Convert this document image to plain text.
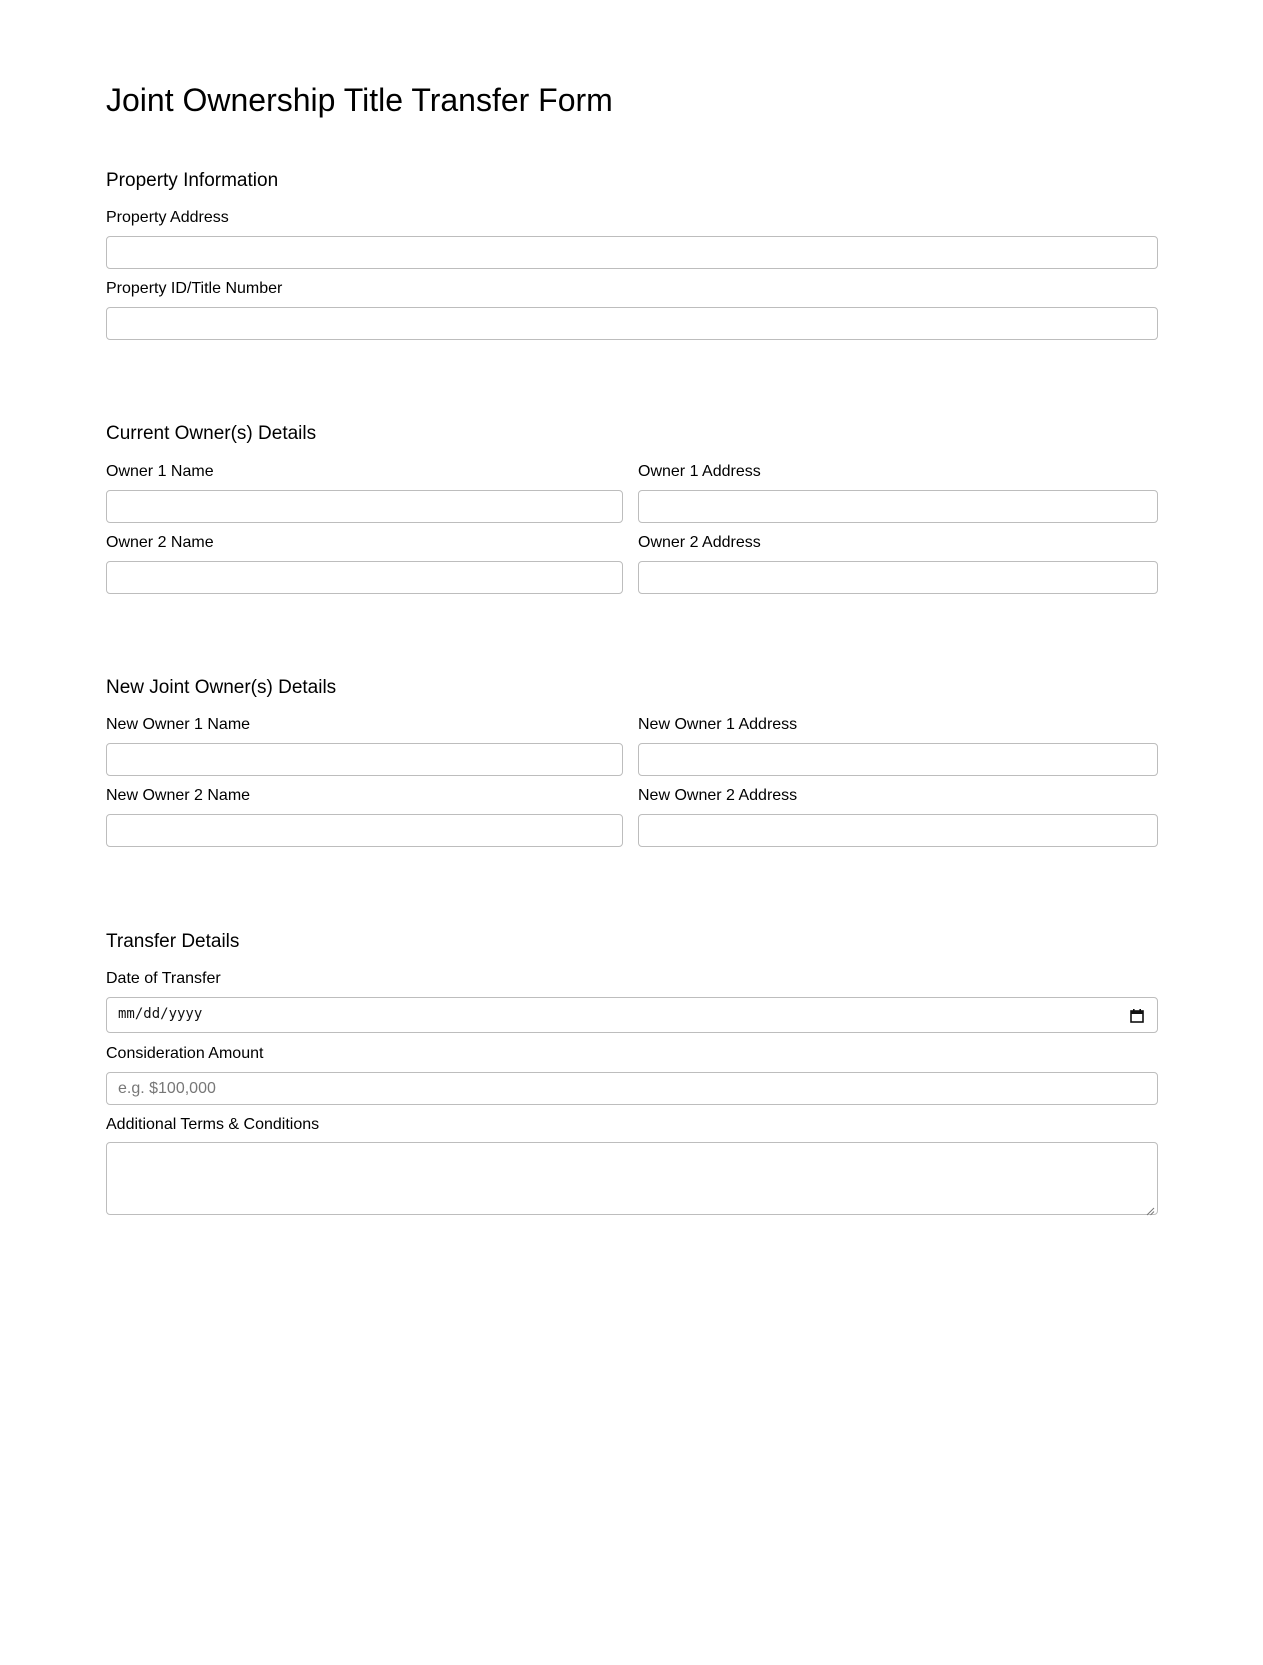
Joint Ownership Title Transfer Form
Property Information
Property Address
Property ID/Title Number
Current Owner(s) Details
Owner 1 Name	Owner 1 Address
Owner 2 Name	Owner 2 Address
New Joint Owner(s) Details
New Owner 1 Name	New Owner 1 Address
New Owner 2 Name	New Owner 2 Address
Transfer Details
Date of Transfer
mm/dd/yyyy
Consideration Amount
e.g. $100,000
Additional Terms & Conditions
